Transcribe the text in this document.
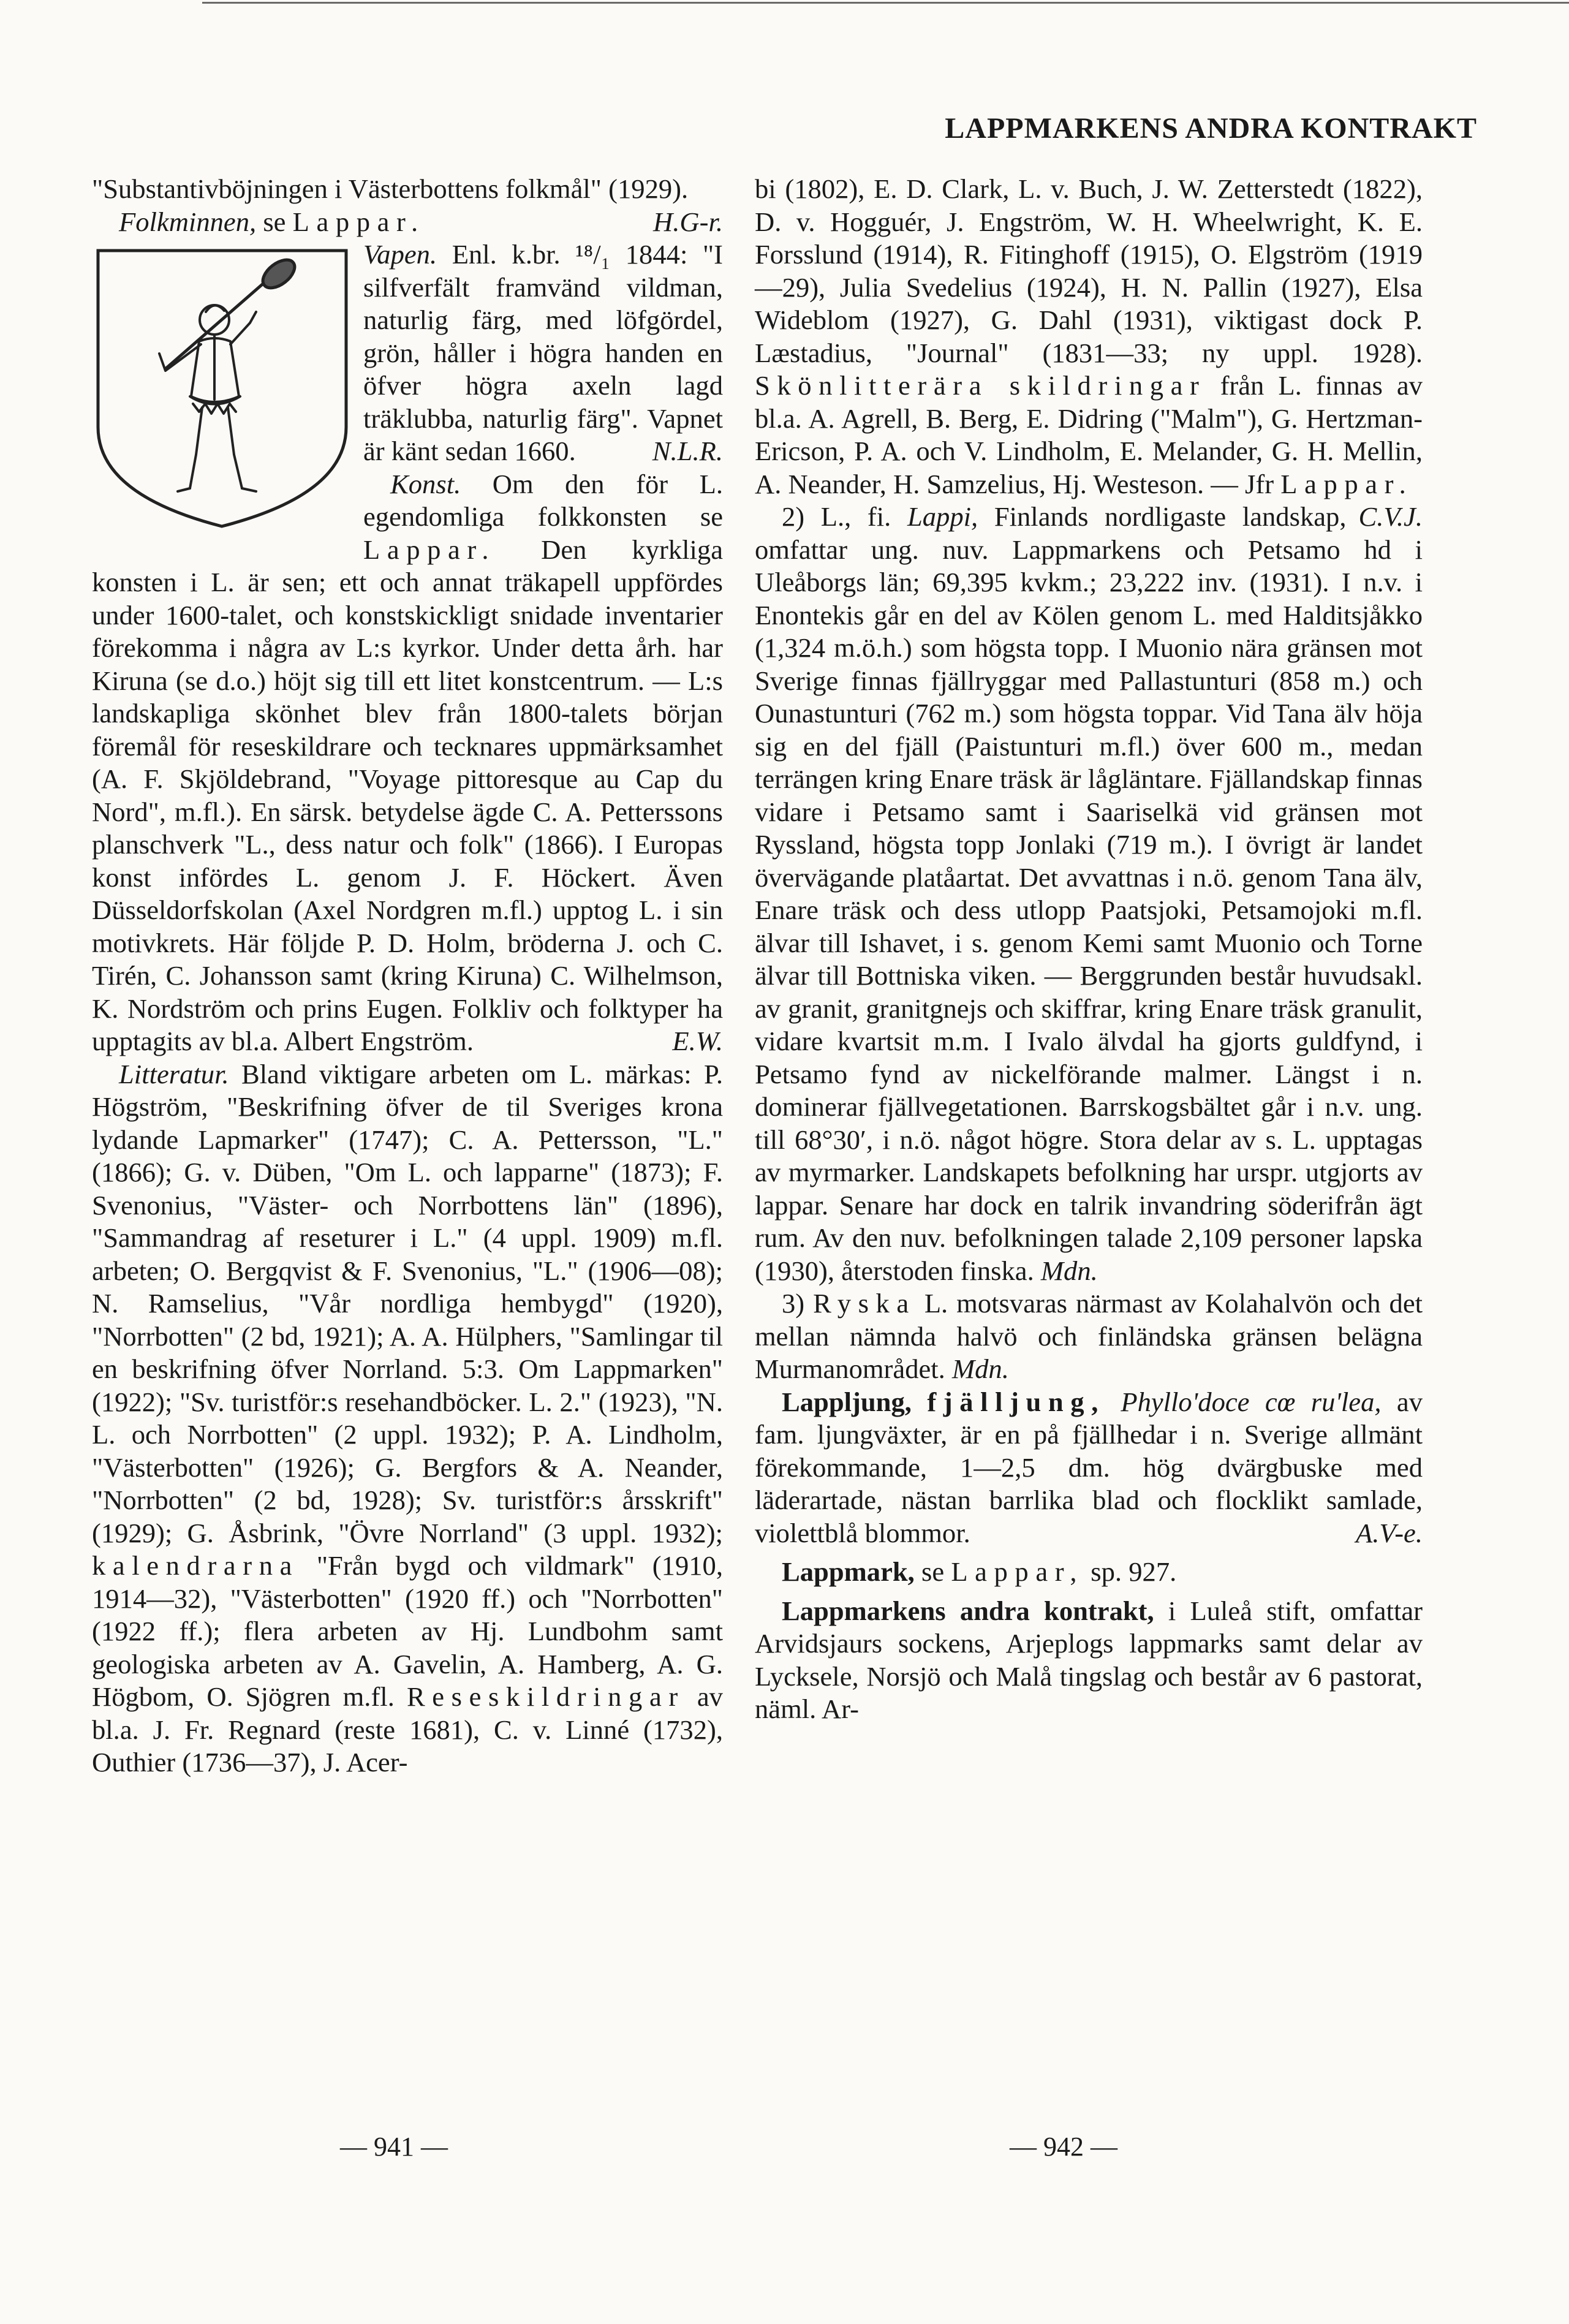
LAPPMARKENS ANDRA KONTRAKT

"Substantivböjningen i Västerbottens folkmål" (1929).
H.G-r.

Folkminnen, se Lappar.

Vapen. Enl. k.br. ¹⁸/₁ 1844: "I silfverfält framvänd vildman, naturlig färg, med löfgördel, grön, håller i högra handen en öfver högra axeln lagd träklubba, naturlig färg". Vapnet är känt sedan 1660.	N.L.R.

Konst. Om den för L. egendomliga folkkonsten se Lappar. Den kyrkliga konsten i L. är sen; ett och annat träkapell uppfördes under 1600-talet, och konstskickligt snidade inventarier förekomma i några av L:s kyrkor. Under detta årh. har Kiruna (se d.o.) höjt sig till ett litet konstcentrum. — L:s landskapliga skönhet blev från 1800-talets början föremål för reseskildrare och tecknares uppmärksamhet (A. F. Skjöldebrand, "Voyage pittoresque au Cap du Nord", m.fl.). En särsk. betydelse ägde C. A. Petterssons planschverk "L., dess natur och folk" (1866). I Europas konst infördes L. genom J. F. Höckert. Även Düsseldorfskolan (Axel Nordgren m.fl.) upptog L. i sin motivkrets. Här följde P. D. Holm, bröderna J. och C. Tirén, C. Johansson samt (kring Kiruna) C. Wilhelmson, K. Nordström och prins Eugen. Folkliv och folktyper ha upptagits av bl.a. Albert Engström.	E.W.

Litteratur. Bland viktigare arbeten om L. märkas: P. Högström, "Beskrifning öfver de til Sveriges krona lydande Lapmarker" (1747); C. A. Pettersson, "L." (1866); G. v. Düben, "Om L. och lapparne" (1873); F. Svenonius, "Väster- och Norrbottens län" (1896), "Sammandrag af reseturer i L." (4 uppl. 1909) m.fl. arbeten; O. Bergqvist & F. Svenonius, "L." (1906—08); N. Ramselius, "Vår nordliga hembygd" (1920), "Norrbotten" (2 bd, 1921); A. A. Hülphers, "Samlingar til en beskrifning öfver Norrland. 5:3. Om Lappmarken" (1922); "Sv. turistför:s resehandböcker. L. 2." (1923), "N. L. och Norrbotten" (2 uppl. 1932); P. A. Lindholm, "Västerbotten" (1926); G. Bergfors & A. Neander, "Norrbotten" (2 bd, 1928); Sv. turistför:s årsskrift" (1929); G. Åsbrink, "Övre Norrland" (3 uppl. 1932); kalendrarna "Från bygd och vildmark" (1910, 1914—32), "Västerbotten" (1920 ff.) och "Norrbotten" (1922 ff.); flera arbeten av Hj. Lundbohm samt geologiska arbeten av A. Gavelin, A. Hamberg, A. G. Högbom, O. Sjögren m.fl. Reseskildringar av bl.a. J. Fr. Regnard (reste 1681), C. v. Linné (1732), Outhier (1736—37), J. Acer-

bi (1802), E. D. Clark, L. v. Buch, J. W. Zetterstedt (1822), D. v. Hogguér, J. Engström, W. H. Wheelwright, K. E. Forsslund (1914), R. Fitinghoff (1915), O. Elgström (1919—29), Julia Svedelius (1924), H. N. Pallin (1927), Elsa Wideblom (1927), G. Dahl (1931), viktigast dock P. Læstadius, "Journal" (1831—33; ny uppl. 1928). Skönlitterära skildringar från L. finnas av bl.a. A. Agrell, B. Berg, E. Didring ("Malm"), G. Hertzman-Ericson, P. A. och V. Lindholm, E. Melander, G. H. Mellin, A. Neander, H. Samzelius, Hj. Westeson. — Jfr Lappar.
C.V.J.

2) L., fi. Lappi, Finlands nordligaste landskap, omfattar ung. nuv. Lappmarkens och Petsamo hd i Uleåborgs län; 69,395 kvkm.; 23,222 inv. (1931). I n.v. i Enontekis går en del av Kölen genom L. med Halditsjåkko (1,324 m.ö.h.) som högsta topp. I Muonio nära gränsen mot Sverige finnas fjällryggar med Pallastunturi (858 m.) och Ounastunturi (762 m.) som högsta toppar. Vid Tana älv höja sig en del fjäll (Paistunturi m.fl.) över 600 m., medan terrängen kring Enare träsk är lågläntare. Fjällandskap finnas vidare i Petsamo samt i Saariselkä vid gränsen mot Ryssland, högsta topp Jonlaki (719 m.). I övrigt är landet övervägande platåartat. Det avvattnas i n.ö. genom Tana älv, Enare träsk och dess utlopp Paatsjoki, Petsamojoki m.fl. älvar till Ishavet, i s. genom Kemi samt Muonio och Torne älvar till Bottniska viken. — Berggrunden består huvudsakl. av granit, granitgnejs och skiffrar, kring Enare träsk granulit, vidare kvartsit m.m. I Ivalo älvdal ha gjorts guldfynd, i Petsamo fynd av nickelförande malmer. Längst i n. dominerar fjällvegetationen. Barrskogsbältet går i n.v. ung. till 68°30′, i n.ö. något högre. Stora delar av s. L. upptagas av myrmarker. Landskapets befolkning har urspr. utgjorts av lappar. Senare har dock en talrik invandring söderifrån ägt rum. Av den nuv. befolkningen talade 2,109 personer lapska (1930), återstoden finska. Mdn.

3) Ryska L. motsvaras närmast av Kolahalvön och det mellan nämnda halvö och finländska gränsen belägna Murmanområdet. Mdn.

Lappljung, fjälljung, Phyllo'doce cœ ru'lea, av fam. ljungväxter, är en på fjällhedar i n. Sverige allmänt förekommande, 1—2,5 dm. hög dvärgbuske med läderartade, nästan barrlika blad och flocklikt samlade, violettblå blommor.	A.V-e.

Lappmark, se Lappar, sp. 927.

Lappmarkens andra kontrakt, i Luleå stift, omfattar Arvidsjaurs sockens, Arjeplogs lappmarks samt delar av Lycksele, Norsjö och Malå tingslag och består av 6 pastorat, näml. Ar-

— 941 —	— 942 —
